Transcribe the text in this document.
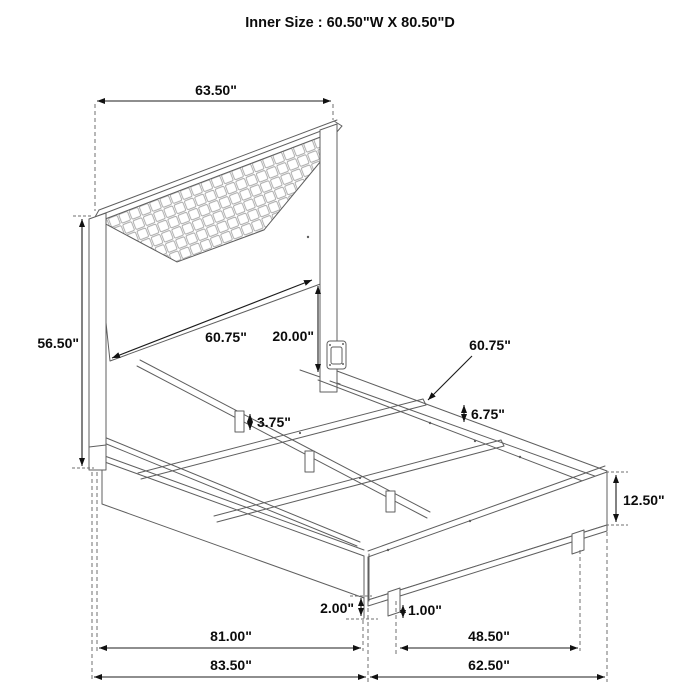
Inner Size : 60.50"W X 80.50"D
63.50"
56.50"	60.75" 20.00"
3.75"
60.75"
6.75"
12.50"
2.00"	1.00"
81.00"	48.50"
83.50"	62.50"
